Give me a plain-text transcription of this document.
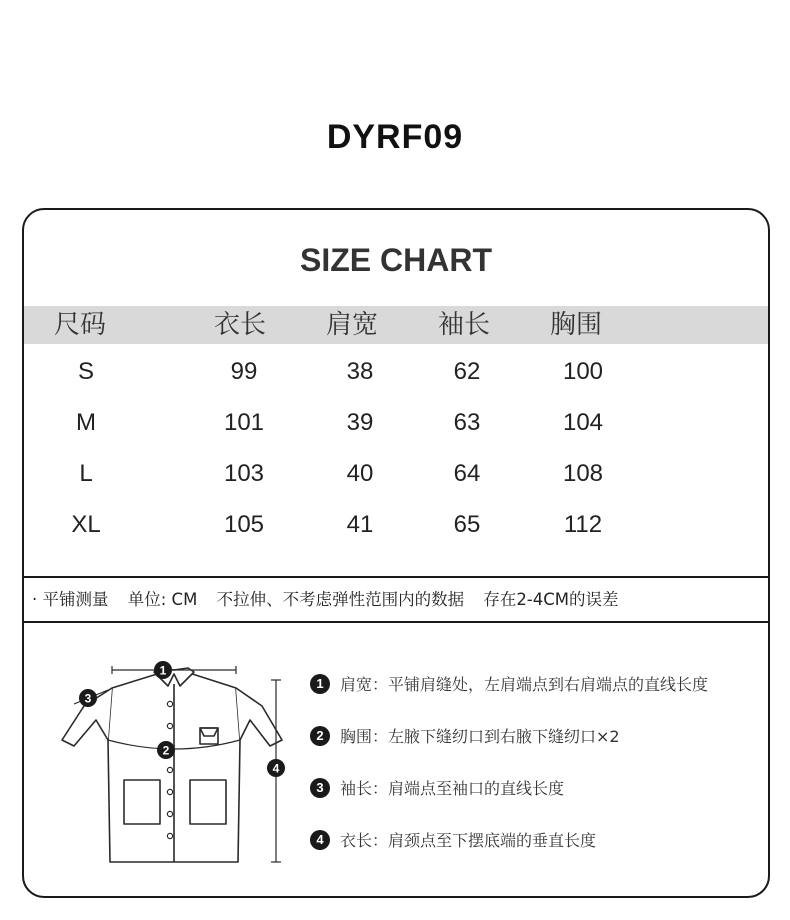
DYRF09
SIZE CHART
尺码	衣长 肩宽 袖长 胸围
S	99	38	62	100
M	101	39	63	104
L	103	40	64	108
XL	105	41	65	112
· 平铺测量 单位: CM 不拉伸、不考虑弹性范围内的数据 存在2-4CM的误差
1
2
3
4
1 肩宽：平铺肩缝处，左肩端点到右肩端点的直线长度
2 胸围：左腋下缝纫口到右腋下缝纫口×2
3 袖长：肩端点至袖口的直线长度
4 衣长：肩颈点至下摆底端的垂直长度
